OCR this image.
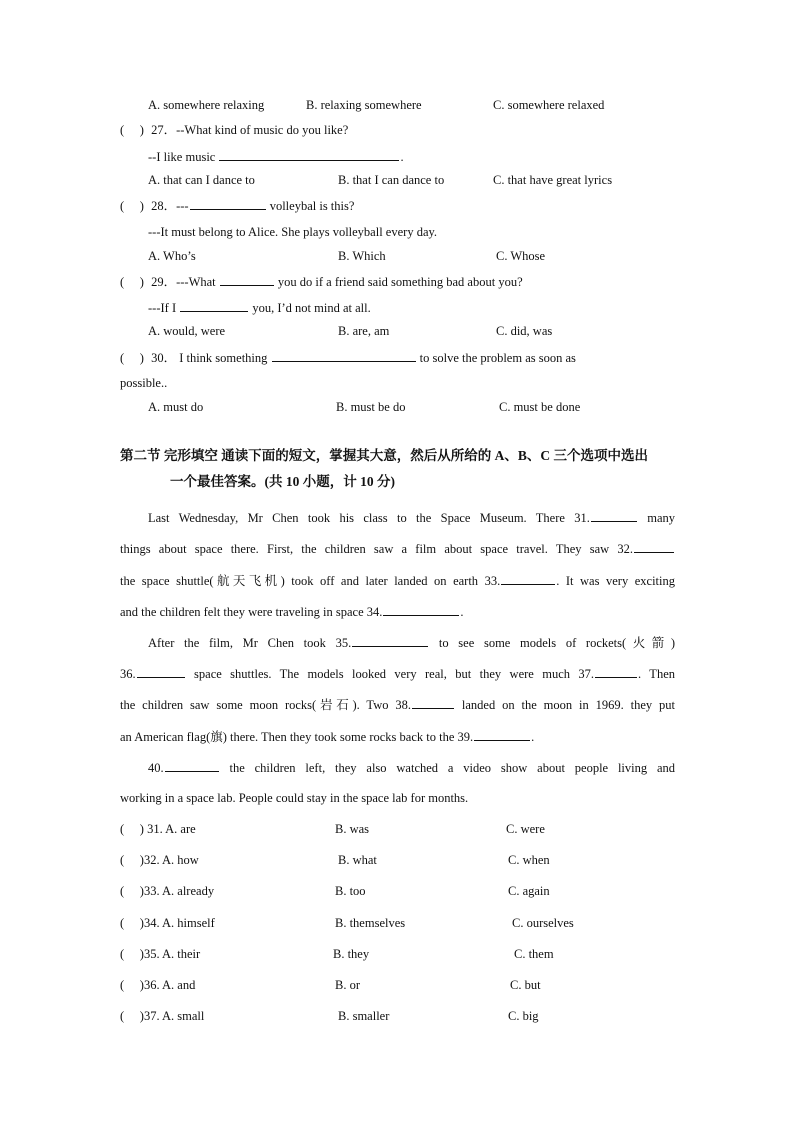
A. somewhere relaxing	B. relaxing somewhere	C. somewhere relaxed
(　 ) 27．--What kind of music do you like?
--I like music	.
A. that can I dance to	B. that I can dance to	C. that have great lyrics
(　 ) 28．---	volleybal is this?
---It must belong to Alice. She plays volleyball every day.
A. Who’s	B. Which	C. Whose
(　 ) 29．---What	you do if a friend said something bad about you?
---If I	you, I’d not mind at all.
A. would, were	B. are, am	C. did, was
(　 ) 30． I think something	to solve the problem as soon as
possible..
A. must do	B. must be do	C. must be done
第二节 完形填空 通读下面的短文，掌握其大意，然后从所给的 A、B、C 三个选项中选出
一个最佳答案。(共 10 小题，计 10 分)
Last Wednesday, Mr Chen took his class to the Space Museum. There 31.	many
things about space there. First, the children saw a film about space travel. They saw 32.
the space shuttle(航天飞机) took off and later landed on earth 33.	. It was very exciting
and the children felt they were traveling in space 34.	.
After the film, Mr Chen took 35.	to see some models of rockets(火箭)
36.	space shuttles. The models looked very real, but they were much 37.	. Then
the children saw some moon rocks(岩石). Two 38.	landed on the moon in 1969. they put
an American flag(旗) there. Then they took some rocks back to the 39.	.
40.	the children left, they also watched a video show about people living and
working in a space lab. People could stay in the space lab for months.
(　 ) 31. A. are	B. was	C. were
(　 )32. A. how	B. what	C. when
(　 )33. A. already	B. too	C. again
(　 )34. A. himself	B. themselves	C. ourselves
(　 )35. A. their	B. they	C. them
(　 )36. A. and	B. or	C. but
(　 )37. A. small	B. smaller	C. big
